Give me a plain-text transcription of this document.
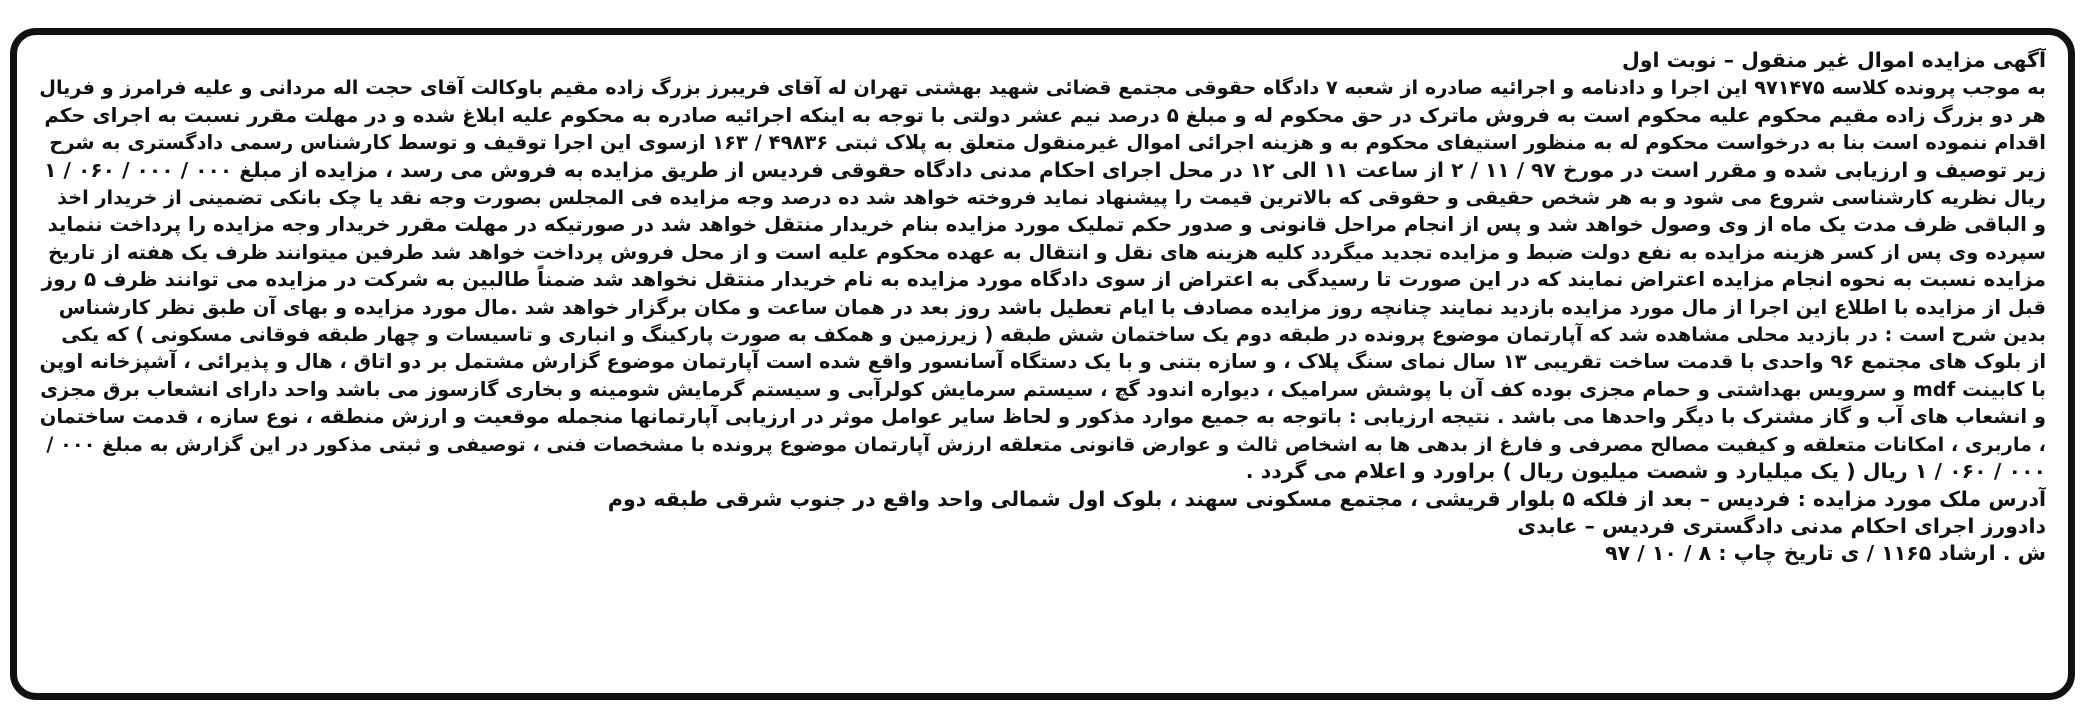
آگهی مزایده اموال غیر منقول – نوبت اول
به موجب پرونده کلاسه ۹۷۱۴۷۵ این اجرا و دادنامه و اجرائیه صادره از شعبه ۷ دادگاه حقوقی مجتمع قضائی شهید بهشتی تهران له آقای فریبرز بزرگ زاده مقیم باوکالت آقای حجت اله مردانی و علیه فرامرز و فریال
هر دو بزرگ زاده مقیم محکوم علیه محکوم است به فروش ماترک در حق محکوم له و مبلغ ۵ درصد نیم عشر دولتی با توجه به اینکه اجرائیه صادره به محکوم علیه ابلاغ شده و در مهلت مقرر نسبت به اجرای حکم
اقدام ننموده است بنا به درخواست محکوم له به منظور استیفای محکوم به و هزینه اجرائی اموال غیرمنقول متعلق به پلاک ثبتی ۴۹۸۳۶ / ۱۶۳ ازسوی این اجرا توقیف و توسط کارشناس رسمی دادگستری به شرح
زیر توصیف و ارزیابی شده و مقرر است در مورخ ۹۷ / ۱۱ / ۲ از ساعت ۱۱ الی ۱۲ در محل اجرای احکام مدنی دادگاه حقوقی فردیس از طریق مزایده به فروش می رسد ، مزایده از مبلغ ۰۰۰ / ۰۰۰ / ۰۶۰ / ۱
ریال نظریه کارشناسی شروع می شود و به هر شخص حقیقی و حقوقی که بالاترین قیمت را پیشنهاد نماید فروخته خواهد شد ده درصد وجه مزایده فی المجلس بصورت وجه نقد یا چک بانکی تضمینی از خریدار اخذ
و الباقی ظرف مدت یک ماه از وی وصول خواهد شد و پس از انجام مراحل قانونی و صدور حکم تملیک مورد مزایده بنام خریدار منتقل خواهد شد در صورتیکه در مهلت مقرر خریدار وجه مزایده را پرداخت ننماید
سپرده وی پس از کسر هزینه مزایده به نفع دولت ضبط و مزایده تجدید میگردد کلیه هزینه های نقل و انتقال به عهده محکوم علیه است و از محل فروش پرداخت خواهد شد طرفین میتوانند ظرف یک هفته از تاریخ
مزایده نسبت به نحوه انجام مزایده اعتراض نمایند که در این صورت تا رسیدگی به اعتراض از سوی دادگاه مورد مزایده به نام خریدار منتقل نخواهد شد ضمناً طالبین به شرکت در مزایده می توانند ظرف ۵ روز
قبل از مزایده با اطلاع این اجرا از مال مورد مزایده بازدید نمایند چنانچه روز مزایده مصادف با ایام تعطیل باشد روز بعد در همان ساعت و مکان برگزار خواهد شد .مال مورد مزایده و بهای آن طبق نظر کارشناس
بدین شرح است : در بازدید محلی مشاهده شد که آپارتمان موضوع پرونده در طبقه دوم یک ساختمان شش طبقه ( زیرزمین و همکف به صورت پارکینگ و انباری و تاسیسات و چهار طبقه فوقانی مسکونی ) که یکی
از بلوک های مجتمع ۹۶ واحدی با قدمت ساخت تقریبی ۱۳ سال نمای سنگ پلاک ، و سازه بتنی و با یک دستگاه آسانسور واقع شده است آپارتمان موضوع گزارش مشتمل بر دو اتاق ، هال و پذیرائی ، آشپزخانه اوپن
با کابینت mdf و سرویس بهداشتی و حمام مجزی بوده کف آن با پوشش سرامیک ، دیواره اندود گچ ، سیستم سرمایش کولرآبی و سیستم گرمایش شومینه و بخاری گازسوز می باشد واحد دارای انشعاب برق مجزی
و انشعاب های آب و گاز مشترک با دیگر واحدها می باشد . نتیجه ارزیابی : باتوجه به جمیع موارد مذکور و لحاظ سایر عوامل موثر در ارزیابی آپارتمانها منجمله موقعیت و ارزش منطقه ، نوع سازه ، قدمت ساختمان
، ماربری ، امکانات متعلقه و کیفیت مصالح مصرفی و فارغ از بدهی ها به اشخاص ثالث و عوارض قانونی متعلقه ارزش آپارتمان موضوع پرونده با مشخصات فنی ، توصیفی و ثبتی مذکور در این گزارش به مبلغ ۰۰۰ /
۰۰۰ / ۰۶۰ / ۱ ریال ( یک میلیارد و شصت میلیون ریال ) براورد و اعلام می گردد .
آدرس ملک مورد مزایده : فردیس – بعد از فلکه ۵ بلوار قریشی ، مجتمع مسکونی سهند ، بلوک اول شمالی واحد واقع در جنوب شرقی طبقه دوم
دادورز اجرای احکام مدنی دادگستری فردیس – عابدی
ش . ارشاد ۱۱۶۵ / ی تاریخ چاپ : ۸ / ۱۰ / ۹۷
